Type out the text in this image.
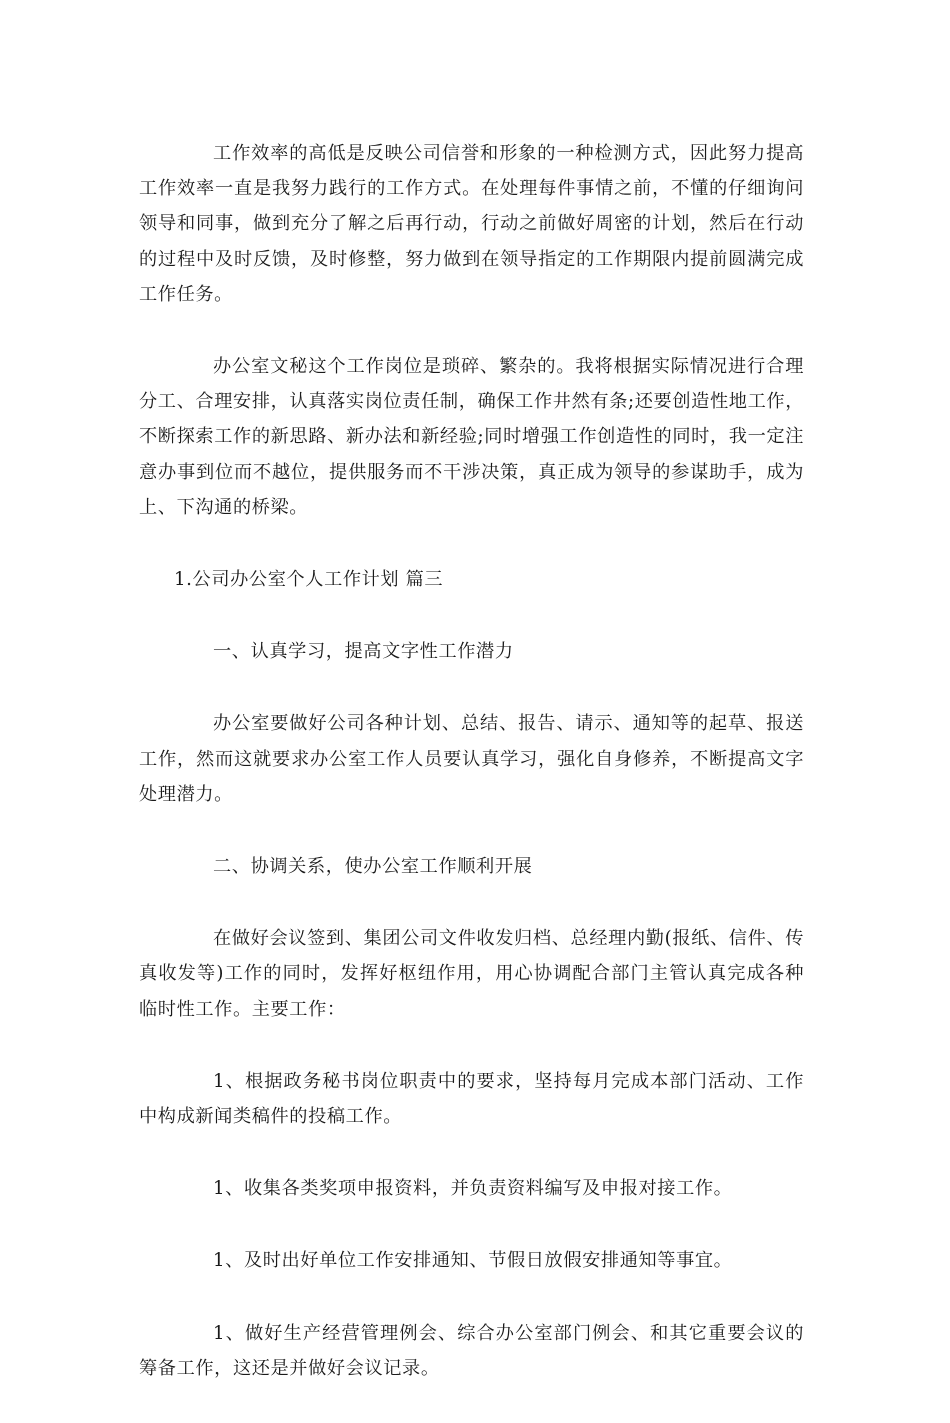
工作效率的高低是反映公司信誉和形象的一种检测方式，因此努力提高工作效率一直是我努力践行的工作方式。在处理每件事情之前，不懂的仔细询问领导和同事，做到充分了解之后再行动，行动之前做好周密的计划，然后在行动的过程中及时反馈，及时修整，努力做到在领导指定的工作期限内提前圆满完成工作任务。

办公室文秘这个工作岗位是琐碎、繁杂的。我将根据实际情况进行合理分工、合理安排，认真落实岗位责任制，确保工作井然有条;还要创造性地工作，不断探索工作的新思路、新办法和新经验;同时增强工作创造性的同时，我一定注意办事到位而不越位，提供服务而不干涉决策，真正成为领导的参谋助手，成为上、下沟通的桥梁。

1.公司办公室个人工作计划 篇三

一、认真学习，提高文字性工作潜力

办公室要做好公司各种计划、总结、报告、请示、通知等的起草、报送工作，然而这就要求办公室工作人员要认真学习，强化自身修养，不断提高文字处理潜力。

二、协调关系，使办公室工作顺利开展

在做好会议签到、集团公司文件收发归档、总经理内勤(报纸、信件、传真收发等)工作的同时，发挥好枢纽作用，用心协调配合部门主管认真完成各种临时性工作。主要工作：

1、根据政务秘书岗位职责中的要求，坚持每月完成本部门活动、工作中构成新闻类稿件的投稿工作。

1、收集各类奖项申报资料，并负责资料编写及申报对接工作。

1、及时出好单位工作安排通知、节假日放假安排通知等事宜。

1、做好生产经营管理例会、综合办公室部门例会、和其它重要会议的筹备工作，这还是并做好会议记录。
